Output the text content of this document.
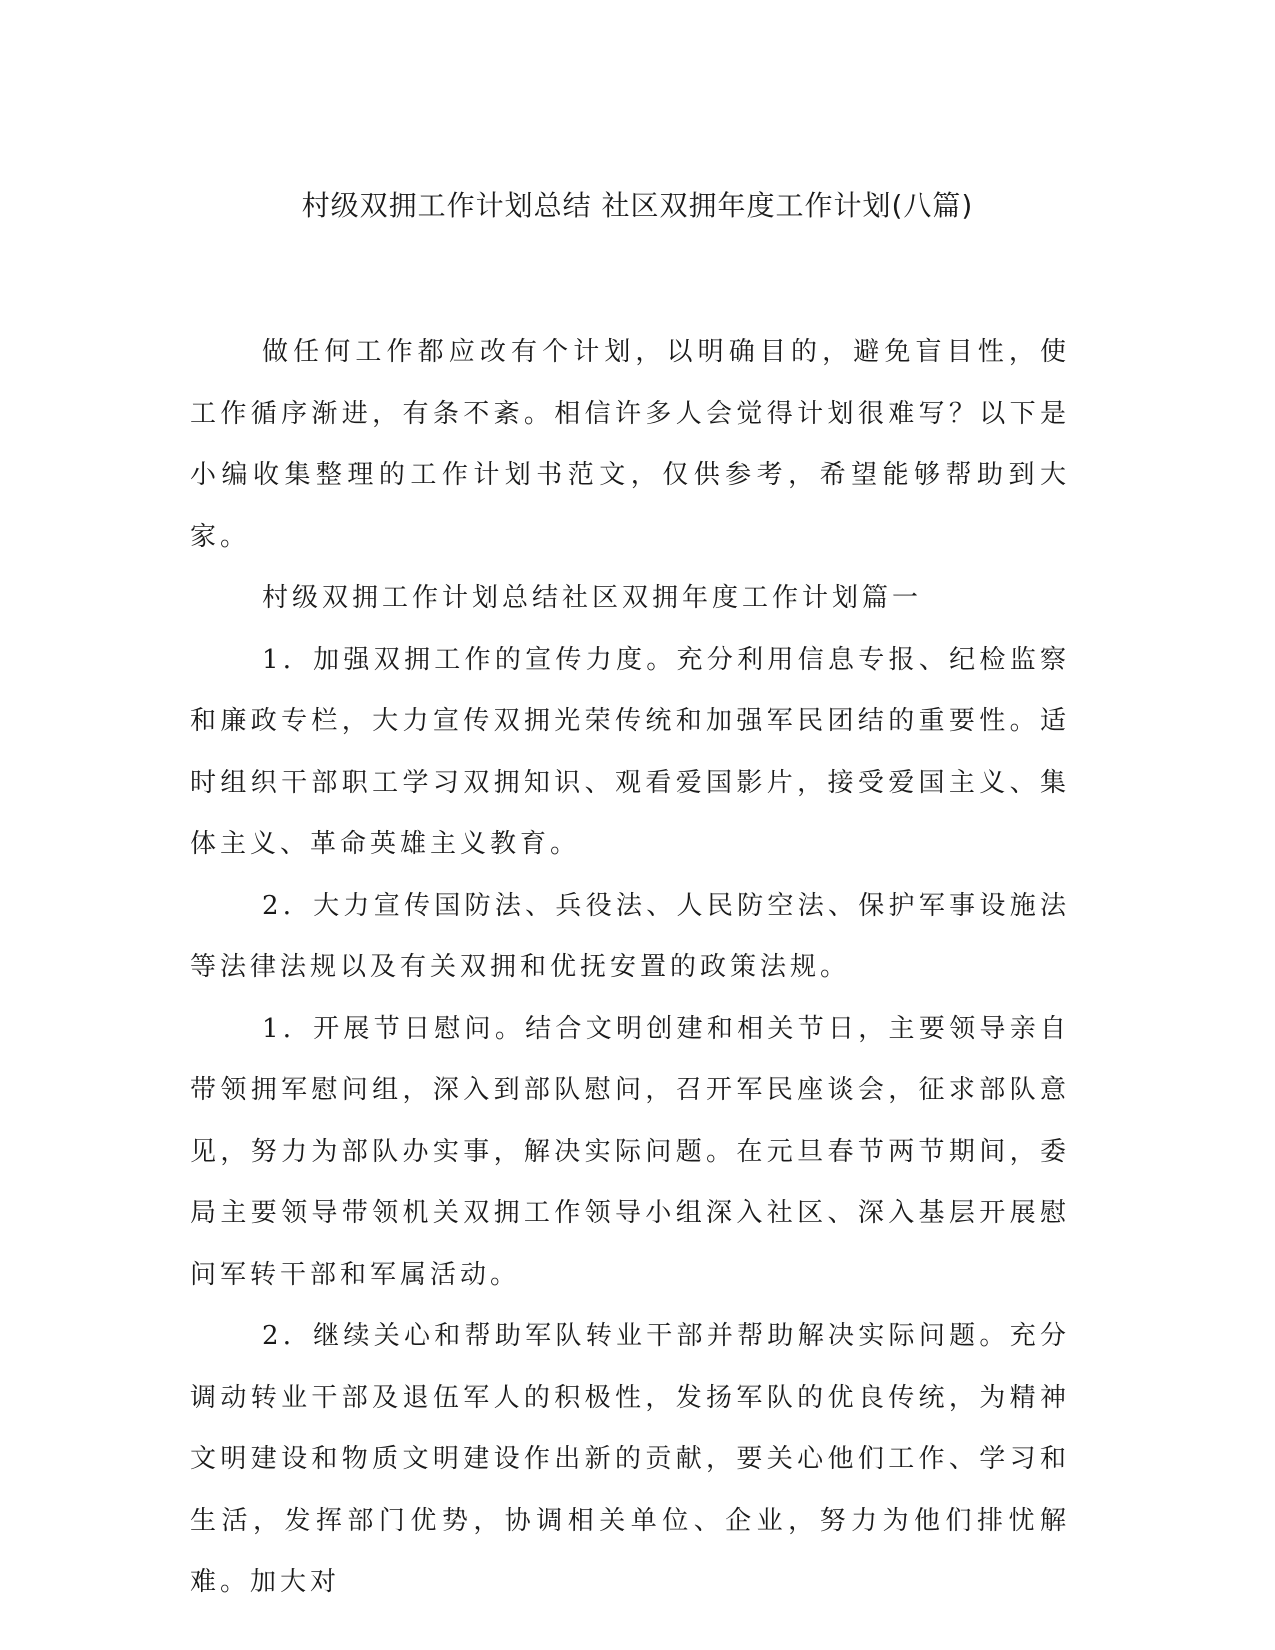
村级双拥工作计划总结 社区双拥年度工作计划(八篇)

做任何工作都应改有个计划，以明确目的，避免盲目性，使工作循序渐进，有条不紊。相信许多人会觉得计划很难写？以下是小编收集整理的工作计划书范文，仅供参考，希望能够帮助到大家。

村级双拥工作计划总结社区双拥年度工作计划篇一

1．加强双拥工作的宣传力度。充分利用信息专报、纪检监察和廉政专栏，大力宣传双拥光荣传统和加强军民团结的重要性。适时组织干部职工学习双拥知识、观看爱国影片，接受爱国主义、集体主义、革命英雄主义教育。

2．大力宣传国防法、兵役法、人民防空法、保护军事设施法等法律法规以及有关双拥和优抚安置的政策法规。

1．开展节日慰问。结合文明创建和相关节日，主要领导亲自带领拥军慰问组，深入到部队慰问，召开军民座谈会，征求部队意见，努力为部队办实事，解决实际问题。在元旦春节两节期间，委局主要领导带领机关双拥工作领导小组深入社区、深入基层开展慰问军转干部和军属活动。

2．继续关心和帮助军队转业干部并帮助解决实际问题。充分调动转业干部及退伍军人的积极性，发扬军队的优良传统，为精神文明建设和物质文明建设作出新的贡献，要关心他们工作、学习和生活，发挥部门优势，协调相关单位、企业，努力为他们排忧解难。加大对
